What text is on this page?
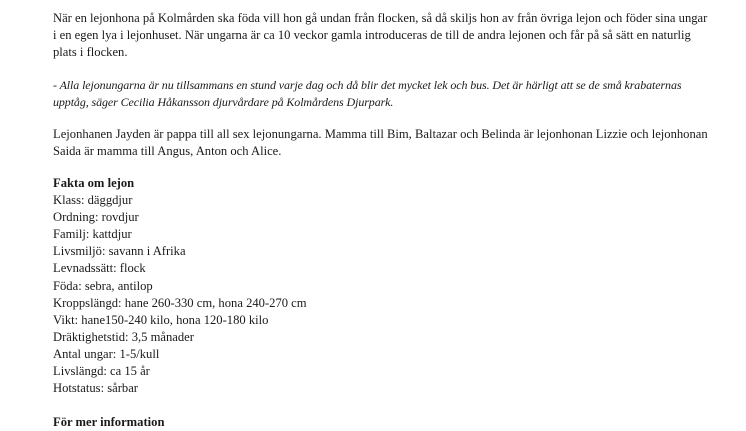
När en lejonhona på Kolmården ska föda vill hon gå undan från flocken, så då skiljs hon av från övriga lejon och föder sina ungar i en egen lya i lejonhuset. När ungarna är ca 10 veckor gamla introduceras de till de andra lejonen och får på så sätt en naturlig plats i flocken.

- Alla lejonungarna är nu tillsammans en stund varje dag och då blir det mycket lek och bus. Det är härligt att se de små krabaternas upptåg, säger Cecilia Håkansson djurvårdare på Kolmårdens Djurpark.

Lejonhanen Jayden är pappa till all sex lejonungarna. Mamma till Bim, Baltazar och Belinda är lejonhonan Lizzie och lejonhonan Saida är mamma till Angus, Anton och Alice.

Fakta om lejon
Klass: däggdjur
Ordning: rovdjur
Familj: kattdjur
Livsmiljö: savann i Afrika
Levnadssätt: flock
Föda: sebra, antilop
Kroppslängd: hane 260-330 cm, hona 240-270 cm
Vikt: hane150-240 kilo, hona 120-180 kilo
Dräktighetstid: 3,5 månader
Antal ungar: 1-5/kull
Livslängd: ca 15 år
Hotstatus: sårbar

För mer information
